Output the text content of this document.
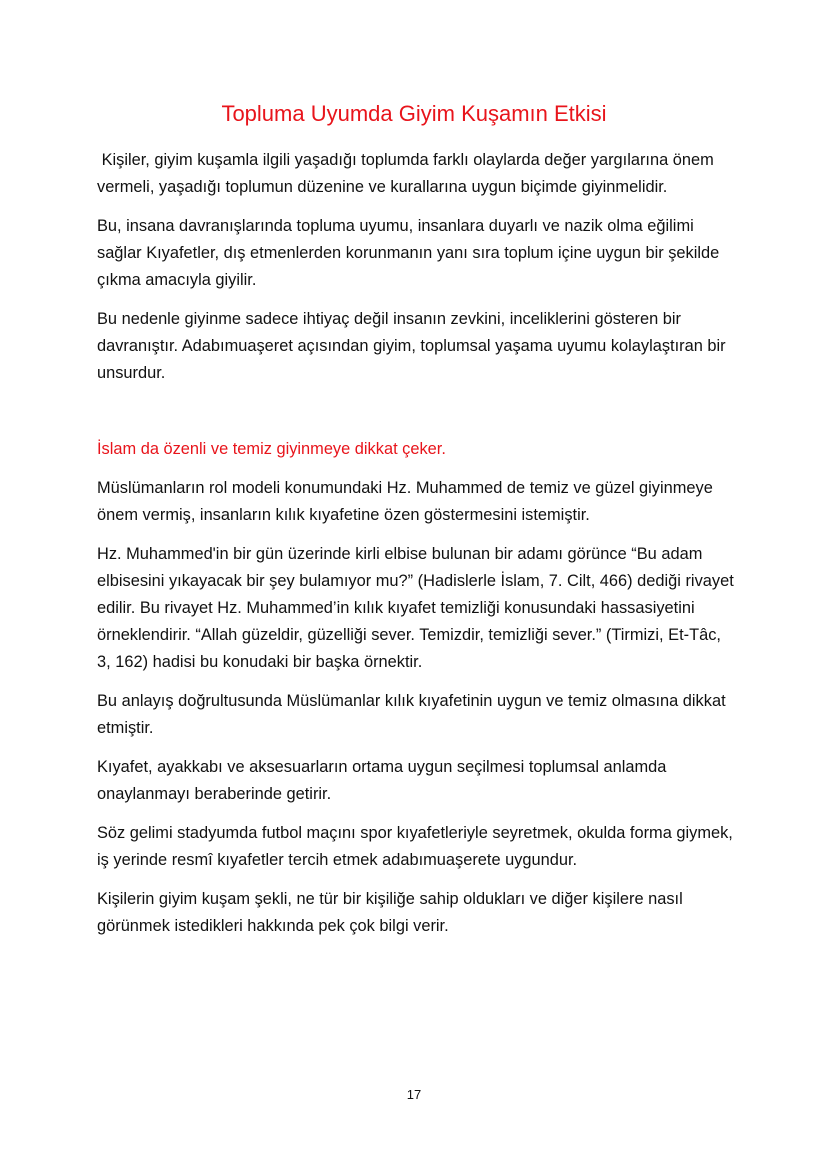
Topluma Uyumda Giyim Kuşamın Etkisi

Kişiler, giyim kuşamla ilgili yaşadığı toplumda farklı olaylarda değer yargılarına önem vermeli, yaşadığı toplumun düzenine ve kurallarına uygun biçimde giyinmelidir.

Bu, insana davranışlarında topluma uyumu, insanlara duyarlı ve nazik olma eğilimi sağlar Kıyafetler, dış etmenlerden korunmanın yanı sıra toplum içine uygun bir şekilde çıkma amacıyla giyilir.

Bu nedenle giyinme sadece ihtiyaç değil insanın zevkini, inceliklerini gösteren bir davranıştır. Adabımuaşeret açısından giyim, toplumsal yaşama uyumu kolaylaştıran bir unsurdur.

İslam da özenli ve temiz giyinmeye dikkat çeker.

Müslümanların rol modeli konumundaki Hz. Muhammed de temiz ve güzel giyinmeye önem vermiş, insanların kılık kıyafetine özen göstermesini istemiştir.

Hz. Muhammed'in bir gün üzerinde kirli elbise bulunan bir adamı görünce “Bu adam elbisesini yıkayacak bir şey bulamıyor mu?” (Hadislerle İslam, 7. Cilt, 466) dediği rivayet edilir. Bu rivayet Hz. Muhammed’in kılık kıyafet temizliği konusundaki hassasiyetini örneklendirir. “Allah güzeldir, güzelliği sever. Temizdir, temizliği sever.” (Tirmizi, Et-Tâc, 3, 162) hadisi bu konudaki bir başka örnektir.

Bu anlayış doğrultusunda Müslümanlar kılık kıyafetinin uygun ve temiz olmasına dikkat etmiştir.

Kıyafet, ayakkabı ve aksesuarların ortama uygun seçilmesi toplumsal anlamda onaylanmayı beraberinde getirir.

Söz gelimi stadyumda futbol maçını spor kıyafetleriyle seyretmek, okulda forma giymek, iş yerinde resmî kıyafetler tercih etmek adabımuaşerete uygundur.

Kişilerin giyim kuşam şekli, ne tür bir kişiliğe sahip oldukları ve diğer kişilere nasıl görünmek istedikleri hakkında pek çok bilgi verir.

17
